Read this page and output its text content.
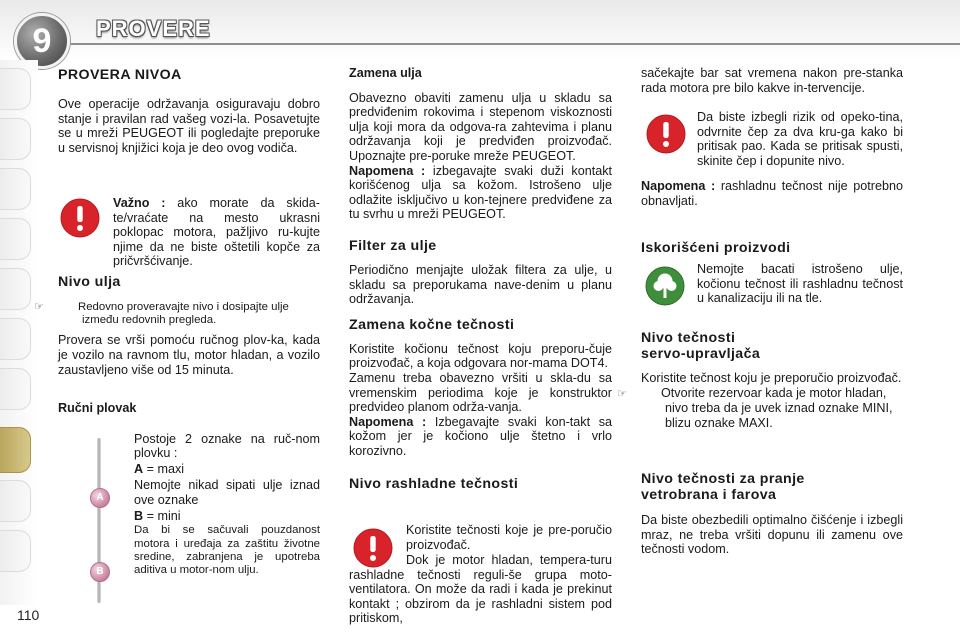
9	PROVERE
110
PROVERA NIVOA

Ove operacije održavanja osiguravaju dobro stanje i pravilan rad vašeg vozi-la. Posavetujte se u mreži PEUGEOT ili pogledajte preporuke u servisnoj knjižici koja je deo ovog vodiča.

Važno : ako morate da skida-te/vraćate na mesto ukrasni poklopac motora, pažljivo ru-kujte njime da ne biste oštetili kopče za pričvršćivanje.

Nivo ulja
☞	Redovno proveravajte nivo i dosipajte ulje između redovnih pregleda.

Provera se vrši pomoću ručnog plov-ka, kada je vozilo na ravnom tlu, motor hladan, a vozilo zaustavljeno više od 15 minuta.

Ručni plovak
A
B

Postoje 2 oznake na ruč-nom plovku :

A = maxi

Nemojte nikad sipati ulje iznad ove oznake

B = mini

Da bi se sačuvali pouzdanost motora i uređaja za zaštitu životne sredine, zabranjena je upotreba aditiva u motor-nom ulju.

Zamena ulja

Obavezno obaviti zamenu ulja u skladu sa predviđenim rokovima i stepenom viskoznosti ulja koji mora da odgova-ra zahtevima i planu održavanja koji je predviđen proizvođač. Upoznajte pre-poruke mreže PEUGEOT.

Napomena : izbegavajte svaki duži kontakt korišćenog ulja sa kožom. Istrošeno ulje odlažite isključivo u kon-tejnere predviđene za tu svrhu u mreži PEUGEOT.

Filter za ulje

Periodično menjajte uložak filtera za ulje, u skladu sa preporukama nave-denim u planu održavanja.

Zamena kočne tečnosti

Koristite kočionu tečnost koju preporu-čuje proizvođač, a koja odgovara nor-mama DOT4.

Zamenu treba obavezno vršiti u skla-du sa vremenskim periodima koje je konstruktor predvideo planom održa-vanja.

Napomena : Izbegavajte svaki kon-takt sa kožom jer je kočiono ulje štetno i vrlo korozivno.

Nivo rashladne tečnosti

Koristite tečnosti koje je pre-poručio proizvođač.

Dok je motor hladan, tempera-turu rashladne tečnosti reguli-še grupa moto-ventilatora. On može da radi i kada je prekinut kontakt ; obzirom da je rashladni sistem pod pritiskom,

sačekajte bar sat vremena nakon pre-stanka rada motora pre bilo kakve in-tervencije.

Da biste izbegli rizik od opeko-tina, odvrnite čep za dva kru-ga kako bi pritisak pao. Kada se pritisak spusti, skinite čep i dopunite nivo.

Napomena : rashladnu tečnost nije potrebno obnavljati.

Iskorišćeni proizvodi

Nemojte bacati istrošeno ulje, kočionu tečnost ili rashladnu tečnost u kanalizaciju ili na tle.

Nivo tečnosti
servo-upravljača

Koristite tečnost koju je preporučio proizvođač.

☞	Otvorite rezervoar kada je motor hladan, nivo treba da je uvek iznad oznake MINI, blizu oznake MAXI.
Nivo tečnosti za pranje
vetrobrana i farova

Da biste obezbedili optimalno čišćenje i izbegli mraz, ne treba vršiti dopunu ili zamenu ove tečnosti vodom.
